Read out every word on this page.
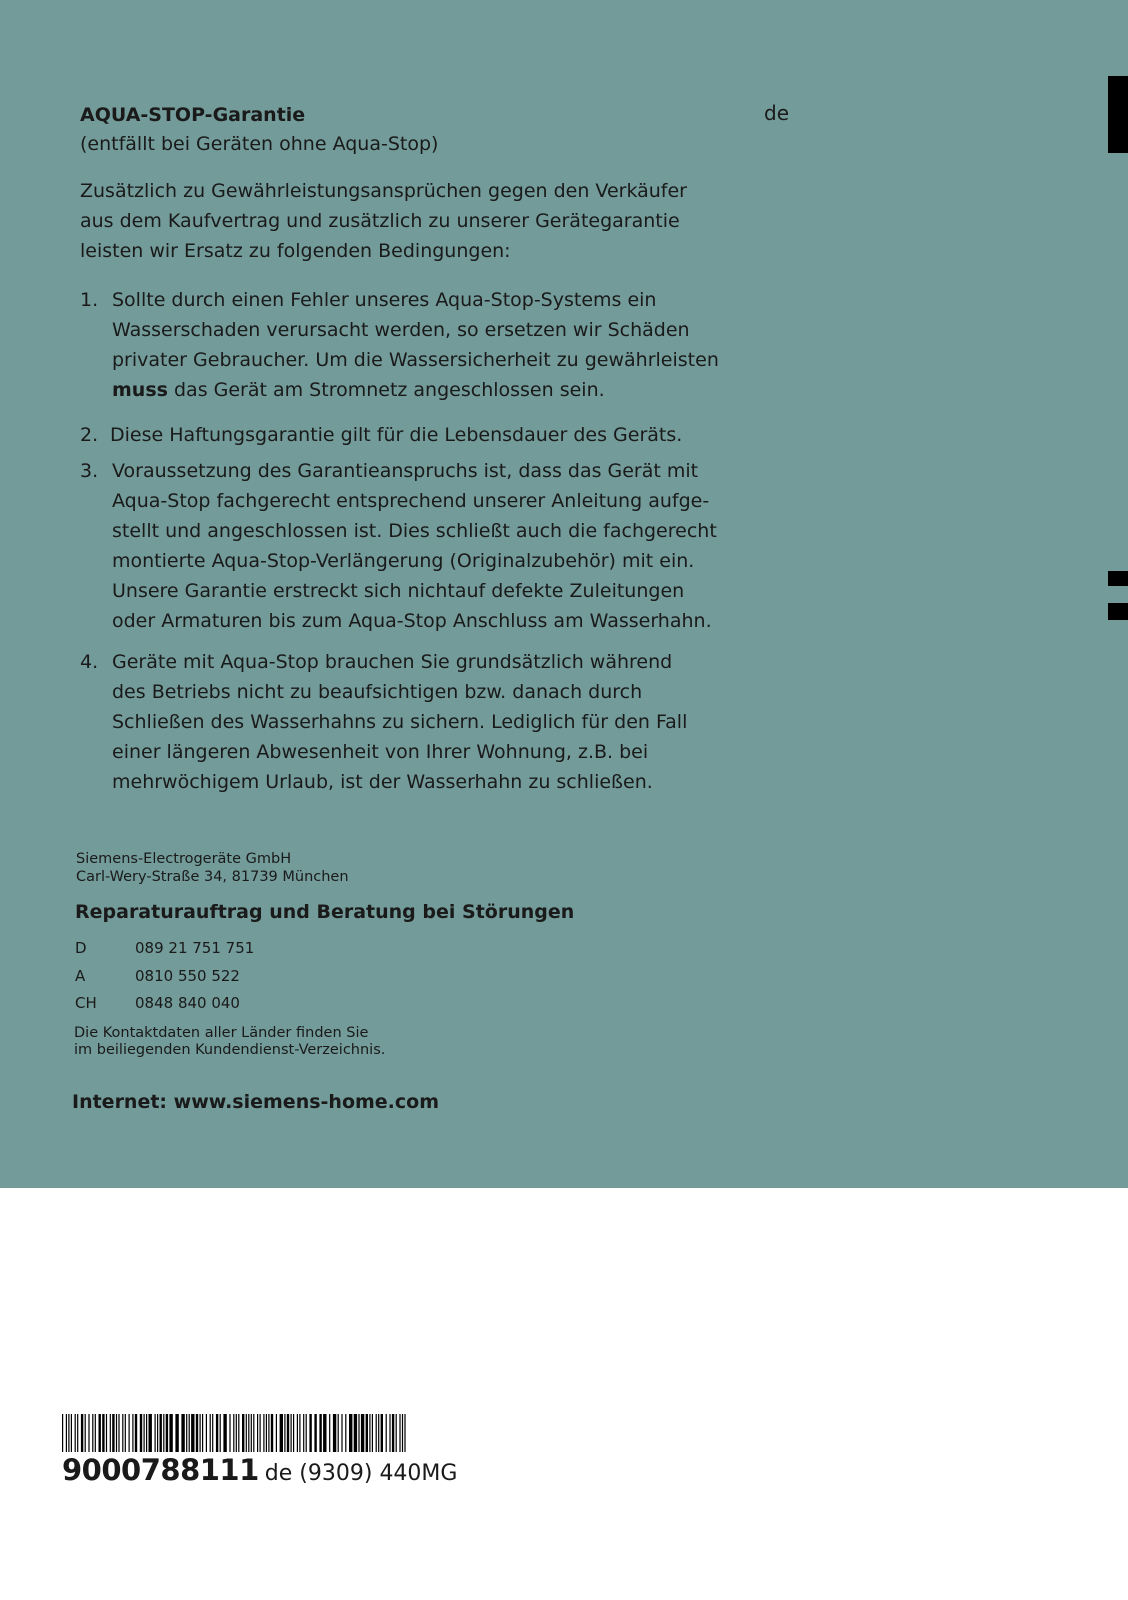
de
AQUA-STOP-Garantie
(entfällt bei Geräten ohne Aqua-Stop)
Zusätzlich zu Gewährleistungsansprüchen gegen den Verkäufer
aus dem Kaufvertrag und zusätzlich zu unserer Gerätegarantie
leisten wir Ersatz zu folgenden Bedingungen:
1. Sollte durch einen Fehler unseres Aqua-Stop-Systems ein
Wasserschaden verursacht werden, so ersetzen wir Schäden
privater Gebraucher. Um die Wassersicherheit zu gewährleisten
muss das Gerät am Stromnetz angeschlossen sein.
2. Diese Haftungsgarantie gilt für die Lebensdauer des Geräts.
3. Voraussetzung des Garantieanspruchs ist, dass das Gerät mit
Aqua-Stop fachgerecht entsprechend unserer Anleitung aufge-
stellt und angeschlossen ist. Dies schließt auch die fachgerecht
montierte Aqua-Stop-Verlängerung (Originalzubehör) mit ein.
Unsere Garantie erstreckt sich nichtauf defekte Zuleitungen
oder Armaturen bis zum Aqua-Stop Anschluss am Wasserhahn.
4. Geräte mit Aqua-Stop brauchen Sie grundsätzlich während
des Betriebs nicht zu beaufsichtigen bzw. danach durch
Schließen des Wasserhahns zu sichern. Lediglich für den Fall
einer längeren Abwesenheit von Ihrer Wohnung, z.B. bei
mehrwöchigem Urlaub, ist der Wasserhahn zu schließen.
Siemens-Electrogeräte GmbH
Carl-Wery-Straße 34, 81739 München
Reparaturauftrag und Beratung bei Störungen
D	089 21 751 751
A	0810 550 522
CH	0848 840 040
Die Kontaktdaten aller Länder finden Sie
im beiliegenden Kundendienst-Verzeichnis.
Internet: www.siemens-home.com
9000788111 de (9309) 440MG
